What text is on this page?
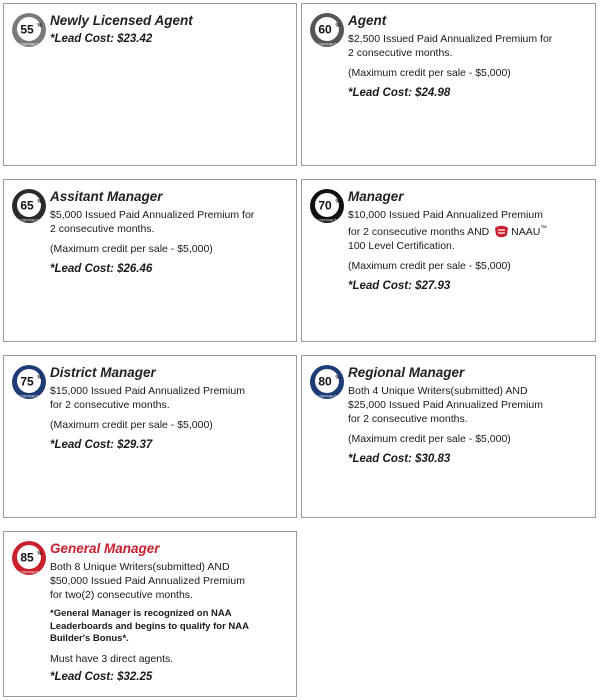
55 %
CONTRACT
Newly Licensed Agent
*Lead Cost: $23.42
60 %
CONTRACT
Agent
$2,500 Issued Paid Annualized Premium for
2 consecutive months.
(Maximum credit per sale - $5,000)
*Lead Cost: $24.98
65 %
CONTRACT
Assitant Manager
$5,000 Issued Paid Annualized Premium for
2 consecutive months.
(Maximum credit per sale - $5,000)
*Lead Cost: $26.46
70 %
CONTRACT
Manager
$10,000 Issued Paid Annualized Premium
for 2 consecutive months AND NAAU™
100 Level Certification.
(Maximum credit per sale - $5,000)
*Lead Cost: $27.93
75 %
CONTRACT
District Manager
$15,000 Issued Paid Annualized Premium
for 2 consecutive months.
(Maximum credit per sale - $5,000)
*Lead Cost: $29.37
80 %
CONTRACT
Regional Manager
Both 4 Unique Writers(submitted) AND
$25,000 Issued Paid Annualized Premium
for 2 consecutive months.
(Maximum credit per sale - $5,000)
*Lead Cost: $30.83
85 %
CONTRACT
General Manager
Both 8 Unique Writers(submitted) AND
$50,000 Issued Paid Annualized Premium
for two(2) consecutive months.
*General Manager is recognized on NAA
Leaderboards and begins to qualify for NAA
Builder's Bonus*.
Must have 3 direct agents.
*Lead Cost: $32.25
